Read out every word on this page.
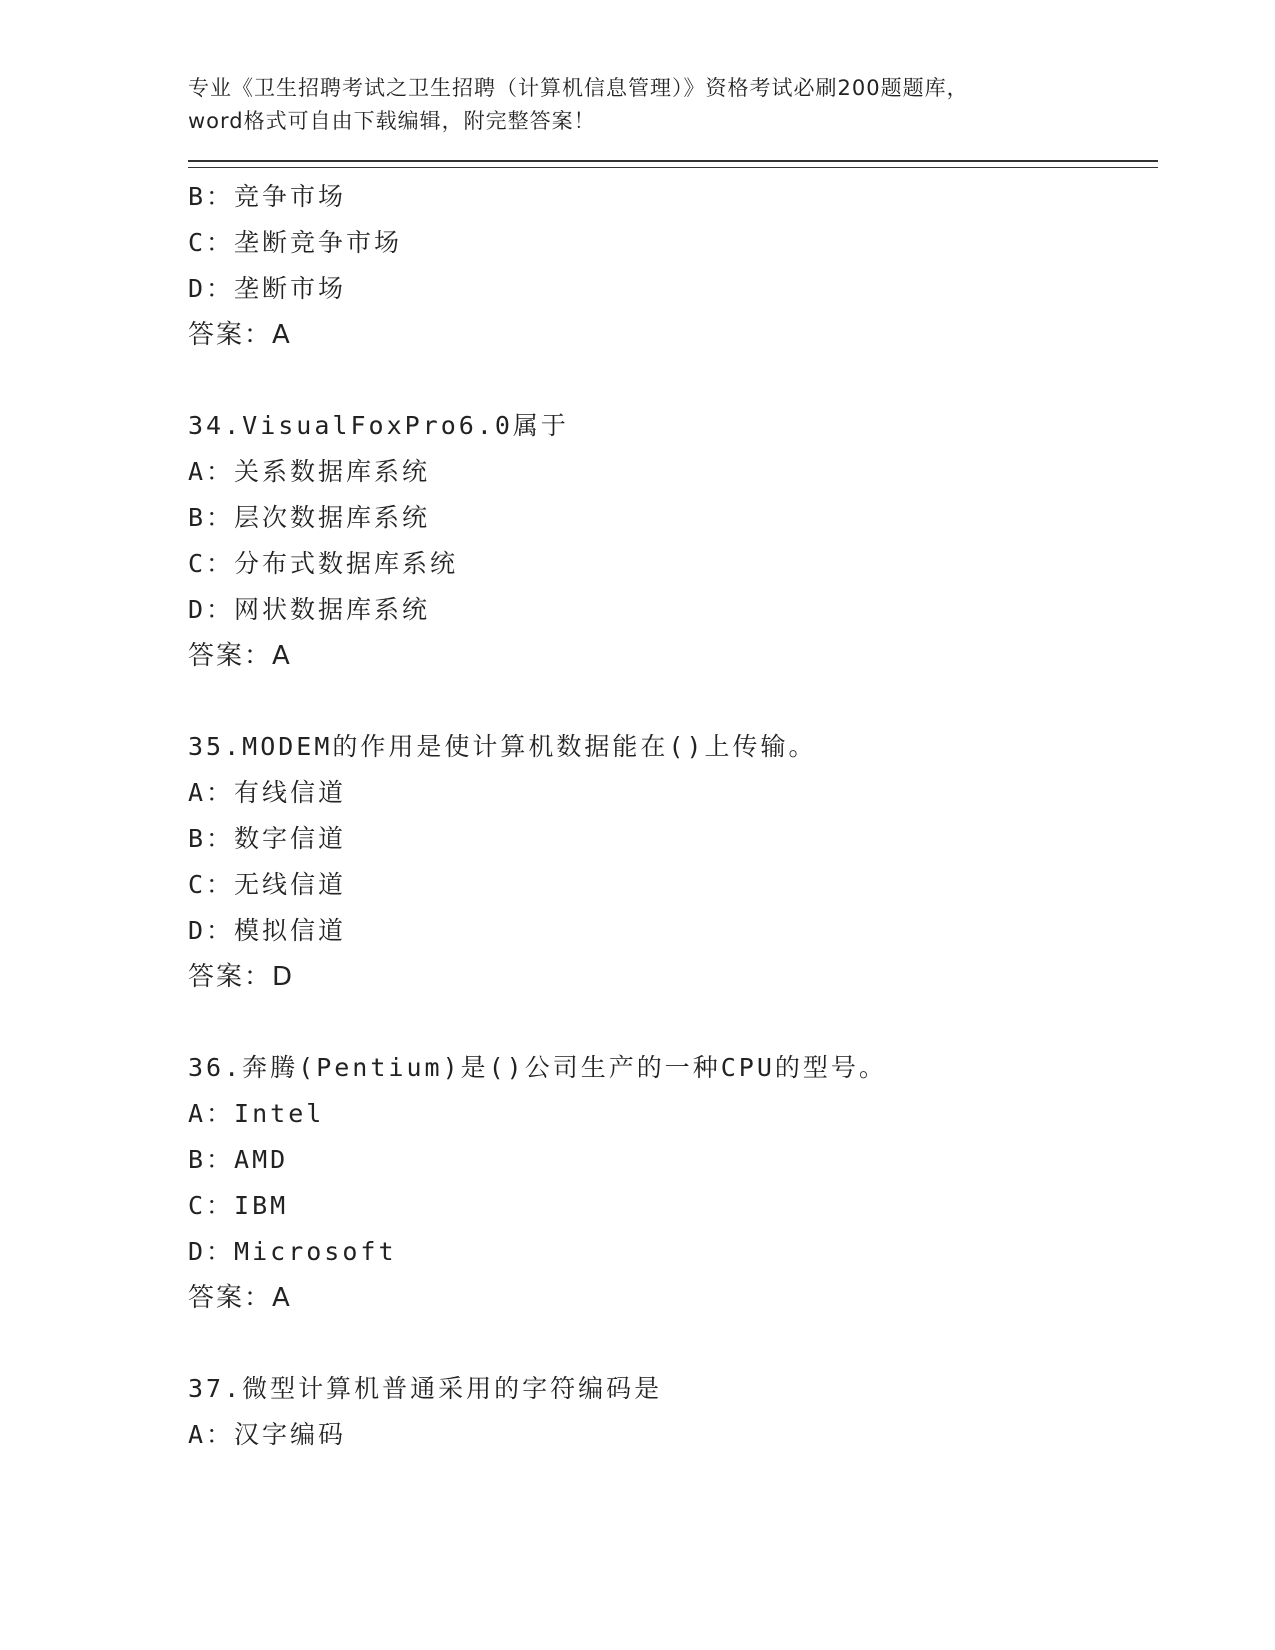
专业《卫生招聘考试之卫生招聘（计算机信息管理）》资格考试必刷200题题库，
word格式可自由下载编辑，附完整答案！
B：竞争市场
C：垄断竞争市场
D：垄断市场
答案：A
34.VisualFoxPro6.0属于
A：关系数据库系统
B：层次数据库系统
C：分布式数据库系统
D：网状数据库系统
答案：A
35.MODEM的作用是使计算机数据能在()上传输。
A：有线信道
B：数字信道
C：无线信道
D：模拟信道
答案：D
36.奔腾(Pentium)是()公司生产的一种CPU的型号。
A：Intel
B：AMD
C：IBM
D：Microsoft
答案：A
37.微型计算机普通采用的字符编码是
A：汉字编码
